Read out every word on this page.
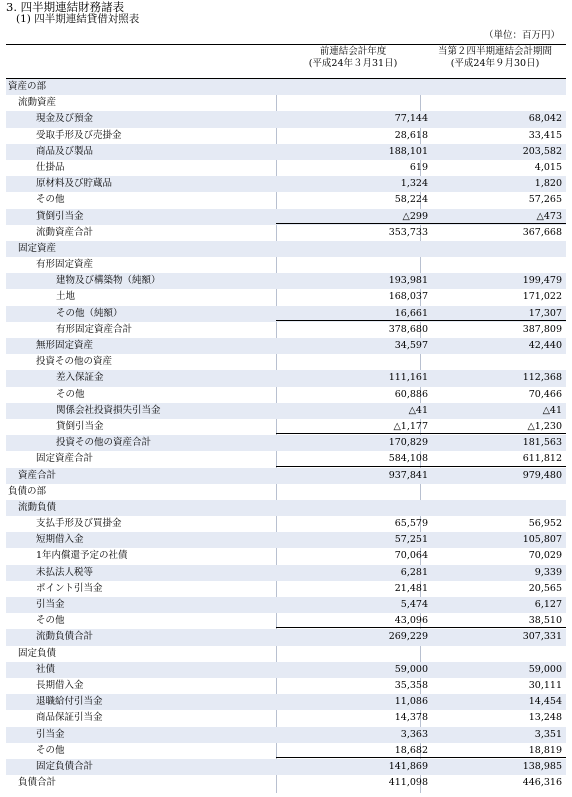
3. 四半期連結財務諸表
(1) 四半期連結貸借対照表
（単位：百万円）
前連結会計年度
(平成24年３月31日)
当第２四半期連結会計期間
(平成24年９月30日)
資産の部
流動資産
現金及び預金	77,144	68,042
受取手形及び売掛金	28,618	33,415
商品及び製品	188,101	203,582
仕掛品	619	4,015
原材料及び貯蔵品	1,324	1,820
その他	58,224	57,265
貸倒引当金	△299	△473
流動資産合計	353,733	367,668
固定資産
有形固定資産
建物及び構築物（純額）	193,981	199,479
土地	168,037	171,022
その他（純額）	16,661	17,307
有形固定資産合計	378,680	387,809
無形固定資産	34,597	42,440
投資その他の資産
差入保証金	111,161	112,368
その他	60,886	70,466
関係会社投資損失引当金	△41	△41
貸倒引当金	△1,177	△1,230
投資その他の資産合計	170,829	181,563
固定資産合計	584,108	611,812
資産合計	937,841	979,480
負債の部
流動負債
支払手形及び買掛金	65,579	56,952
短期借入金	57,251	105,807
1年内償還予定の社債	70,064	70,029
未払法人税等	6,281	9,339
ポイント引当金	21,481	20,565
引当金	5,474	6,127
その他	43,096	38,510
流動負債合計	269,229	307,331
固定負債
社債	59,000	59,000
長期借入金	35,358	30,111
退職給付引当金	11,086	14,454
商品保証引当金	14,378	13,248
引当金	3,363	3,351
その他	18,682	18,819
固定負債合計	141,869	138,985
負債合計	411,098	446,316
